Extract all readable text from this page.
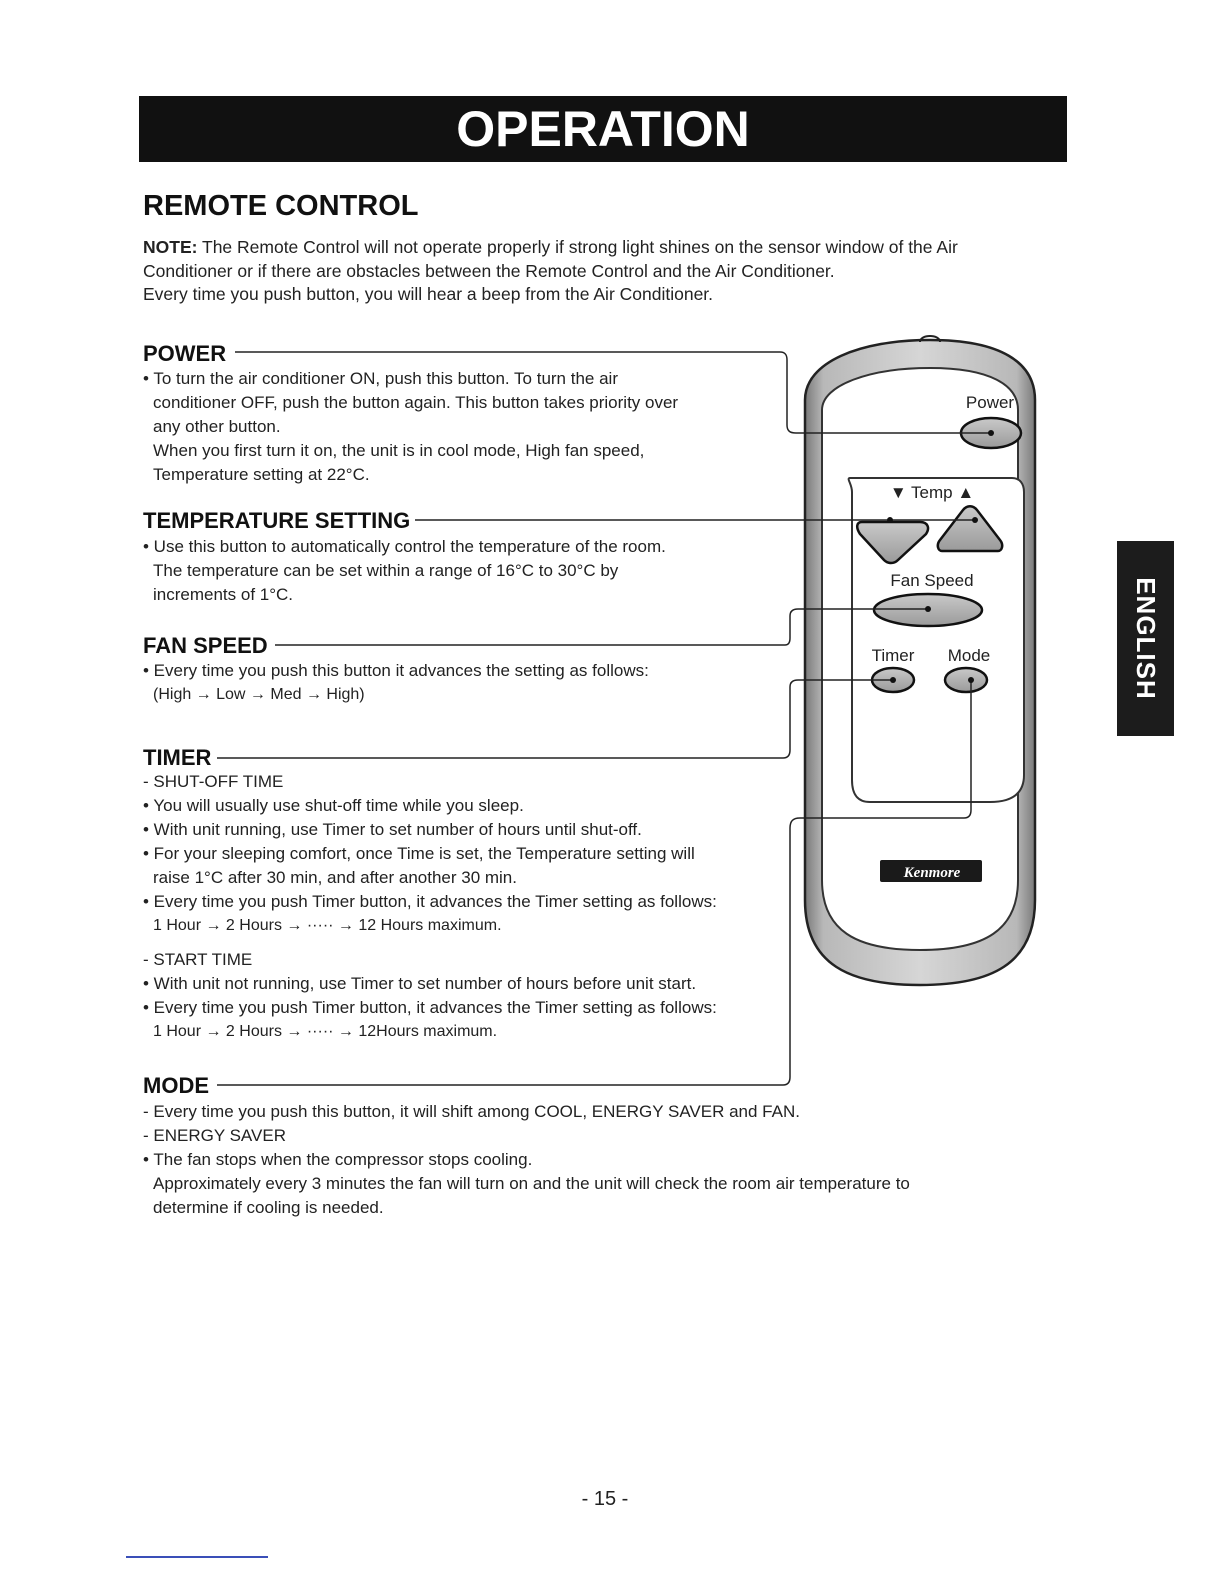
OPERATION
REMOTE CONTROL
NOTE: The Remote Control will not operate properly if strong light shines on the sensor window of the Air
Conditioner or if there are obstacles between the Remote Control and the Air Conditioner.
Every time you push button, you will hear a beep from the Air Conditioner.
POWER
• To turn the air conditioner ON, push this button. To turn the air
conditioner OFF, push the button again. This button takes priority over
any other button.
When you first turn it on, the unit is in cool mode, High fan speed,
Temperature setting at 22°C.
TEMPERATURE SETTING
• Use this button to automatically control the temperature of the room.
The temperature can be set within a range of 16°C to 30°C by
increments of 1°C.
FAN SPEED
• Every time you push this button it advances the setting as follows:
(High → Low → Med → High)
TIMER
- SHUT-OFF TIME
• You will usually use shut-off time while you sleep.
• With unit running, use Timer to set number of hours until shut-off.
• For your sleeping comfort, once Time is set, the Temperature setting will
raise 1°C after 30 min, and after another 30 min.
• Every time you push Timer button, it advances the Timer setting as follows:
1 Hour → 2 Hours → ····· → 12 Hours maximum.
- START TIME
• With unit not running, use Timer to set number of hours before unit start.
• Every time you push Timer button, it advances the Timer setting as follows:
1 Hour → 2 Hours → ····· → 12Hours maximum.
MODE
- Every time you push this button, it will shift among COOL, ENERGY SAVER and FAN.
- ENERGY SAVER
• The fan stops when the compressor stops cooling.
Approximately every 3 minutes the fan will turn on and the unit will check the room air temperature to
determine if cooling is needed.
Power
▼ Temp ▲
Fan Speed
Timer Mode
Kenmore
ENGLISH
- 15 -
